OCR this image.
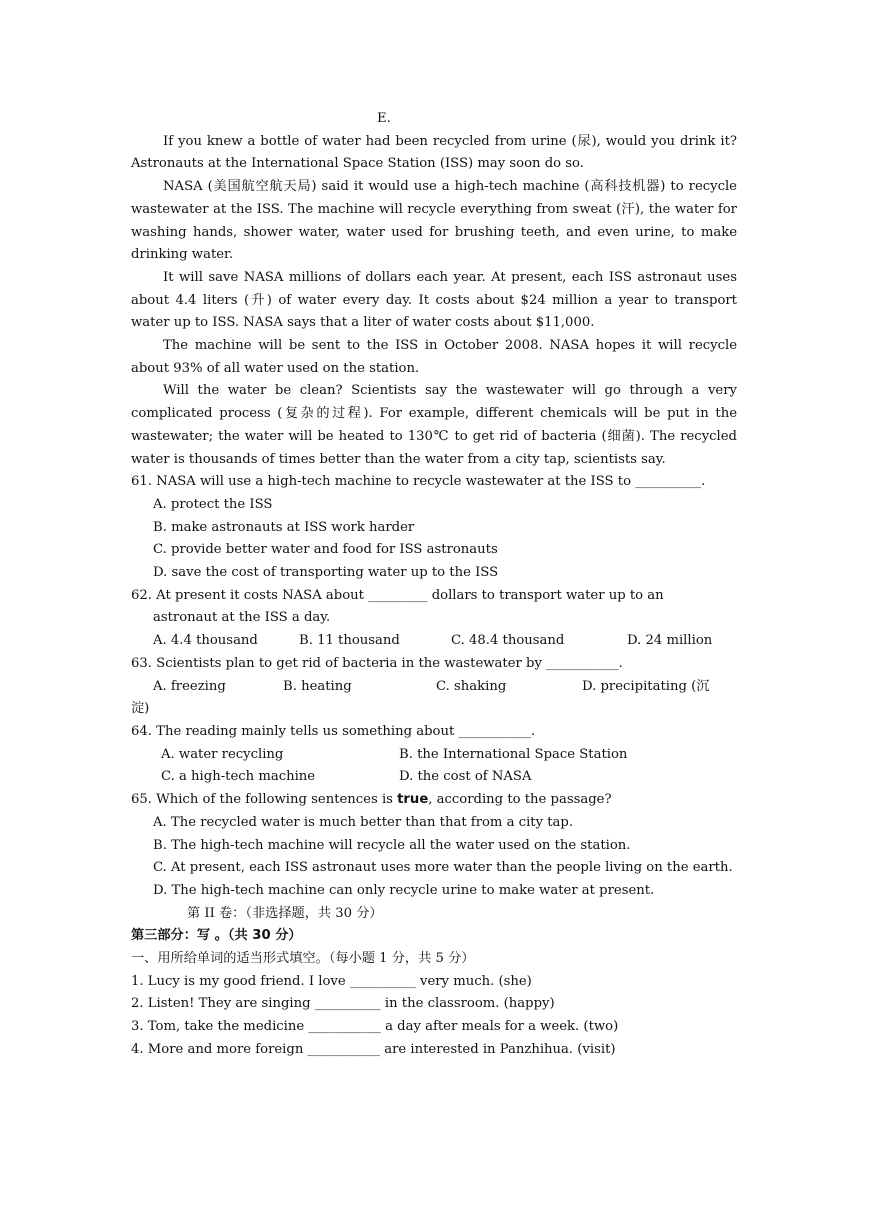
E.

If you knew a bottle of water had been recycled from urine (尿), would you drink it? Astronauts at the International Space Station (ISS) may soon do so.

NASA (美国航空航天局) said it would use a high-tech machine (高科技机器) to recycle wastewater at the ISS. The machine will recycle everything from sweat (汗), the water for washing hands, shower water, water used for brushing teeth, and even urine, to make drinking water.

It will save NASA millions of dollars each year. At present, each ISS astronaut uses about 4.4 liters (升) of water every day. It costs about $24 million a year to transport water up to ISS. NASA says that a liter of water costs about $11,000.

The machine will be sent to the ISS in October 2008. NASA hopes it will recycle about 93% of all water used on the station.

Will the water be clean? Scientists say the wastewater will go through a very complicated process (复杂的过程). For example, different chemicals will be put in the wastewater; the water will be heated to 130℃ to get rid of bacteria (细菌). The recycled water is thousands of times better than the water from a city tap, scientists say.

61. NASA will use a high-tech machine to recycle wastewater at the ISS to __________.
A. protect the ISS
B. make astronauts at ISS work harder
C. provide better water and food for ISS astronauts
D. save the cost of transporting water up to the ISS
62. At present it costs NASA about _________ dollars to transport water up to an
astronaut at the ISS a day.
A. 4.4 thousand	B. 11 thousand	C. 48.4 thousand	D. 24 million
63. Scientists plan to get rid of bacteria in the wastewater by ___________.
A. freezing	B. heating	C. shaking	D. precipitating (沉
淀)
64. The reading mainly tells us something about ___________.
A. water recycling	B. the International Space Station
C. a high-tech machine	D. the cost of NASA
65. Which of the following sentences is true, according to the passage?
A. The recycled water is much better than that from a city tap.
B. The high-tech machine will recycle all the water used on the station.

C. At present, each ISS astronaut uses more water than the people living on the earth.

D. The high-tech machine can only recycle urine to make water at present.
第 II 卷：（非选择题，共 30 分）
第三部分：写 。（共 30 分）
一、用所给单词的适当形式填空。（每小题 1 分，共 5 分）
1. Lucy is my good friend. I love __________ very much. (she)
2. Listen! They are singing __________ in the classroom. (happy)
3. Tom, take the medicine ___________ a day after meals for a week. (two)
4. More and more foreign ___________ are interested in Panzhihua. (visit)
